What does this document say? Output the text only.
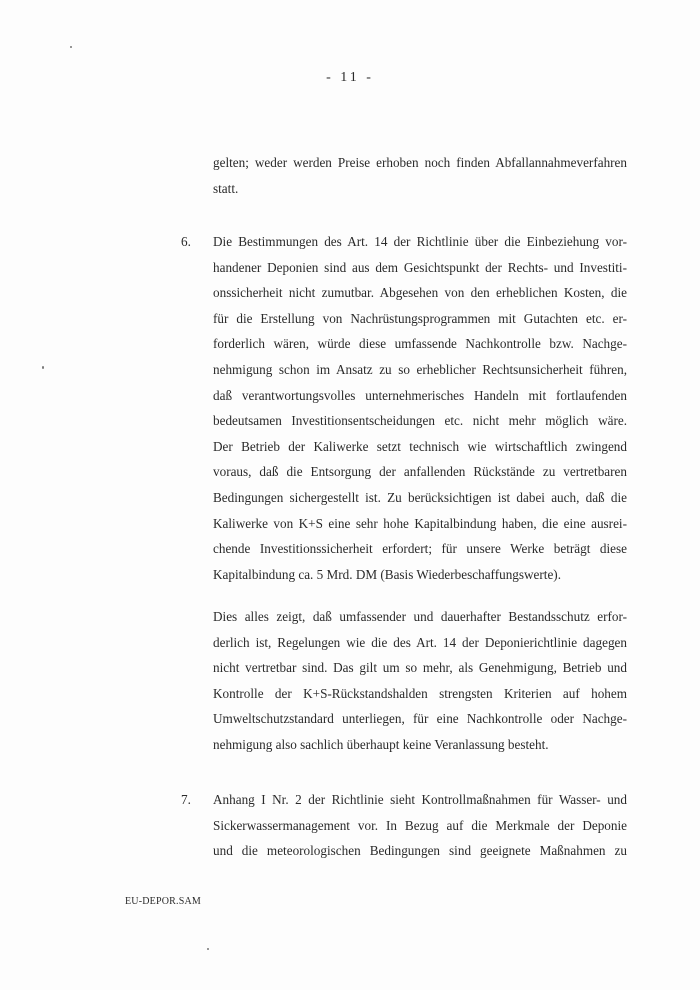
- 11 -
gelten; weder werden Preise erhoben noch finden Abfallannahmeverfahren
statt.
6. Die Bestimmungen des Art. 14 der Richtlinie über die Einbeziehung vor-
handener Deponien sind aus dem Gesichtspunkt der Rechts- und Investiti-
onssicherheit nicht zumutbar. Abgesehen von den erheblichen Kosten, die
für die Erstellung von Nachrüstungsprogrammen mit Gutachten etc. er-
forderlich wären, würde diese umfassende Nachkontrolle bzw. Nachge-
nehmigung schon im Ansatz zu so erheblicher Rechtsunsicherheit führen,
daß verantwortungsvolles unternehmerisches Handeln mit fortlaufenden
bedeutsamen Investitionsentscheidungen etc. nicht mehr möglich wäre.
Der Betrieb der Kaliwerke setzt technisch wie wirtschaftlich zwingend
voraus, daß die Entsorgung der anfallenden Rückstände zu vertretbaren
Bedingungen sichergestellt ist. Zu berücksichtigen ist dabei auch, daß die
Kaliwerke von K+S eine sehr hohe Kapitalbindung haben, die eine ausrei-
chende Investitionssicherheit erfordert; für unsere Werke beträgt diese
Kapitalbindung ca. 5 Mrd. DM (Basis Wiederbeschaffungswerte).
Dies alles zeigt, daß umfassender und dauerhafter Bestandsschutz erfor-
derlich ist, Regelungen wie die des Art. 14 der Deponierichtlinie dagegen
nicht vertretbar sind. Das gilt um so mehr, als Genehmigung, Betrieb und
Kontrolle der K+S-Rückstandshalden strengsten Kriterien auf hohem
Umweltschutzstandard unterliegen, für eine Nachkontrolle oder Nachge-
nehmigung also sachlich überhaupt keine Veranlassung besteht.
7. Anhang I Nr. 2 der Richtlinie sieht Kontrollmaßnahmen für Wasser- und
Sickerwassermanagement vor. In Bezug auf die Merkmale der Deponie
und die meteorologischen Bedingungen sind geeignete Maßnahmen zu
EU-DEPOR.SAM
